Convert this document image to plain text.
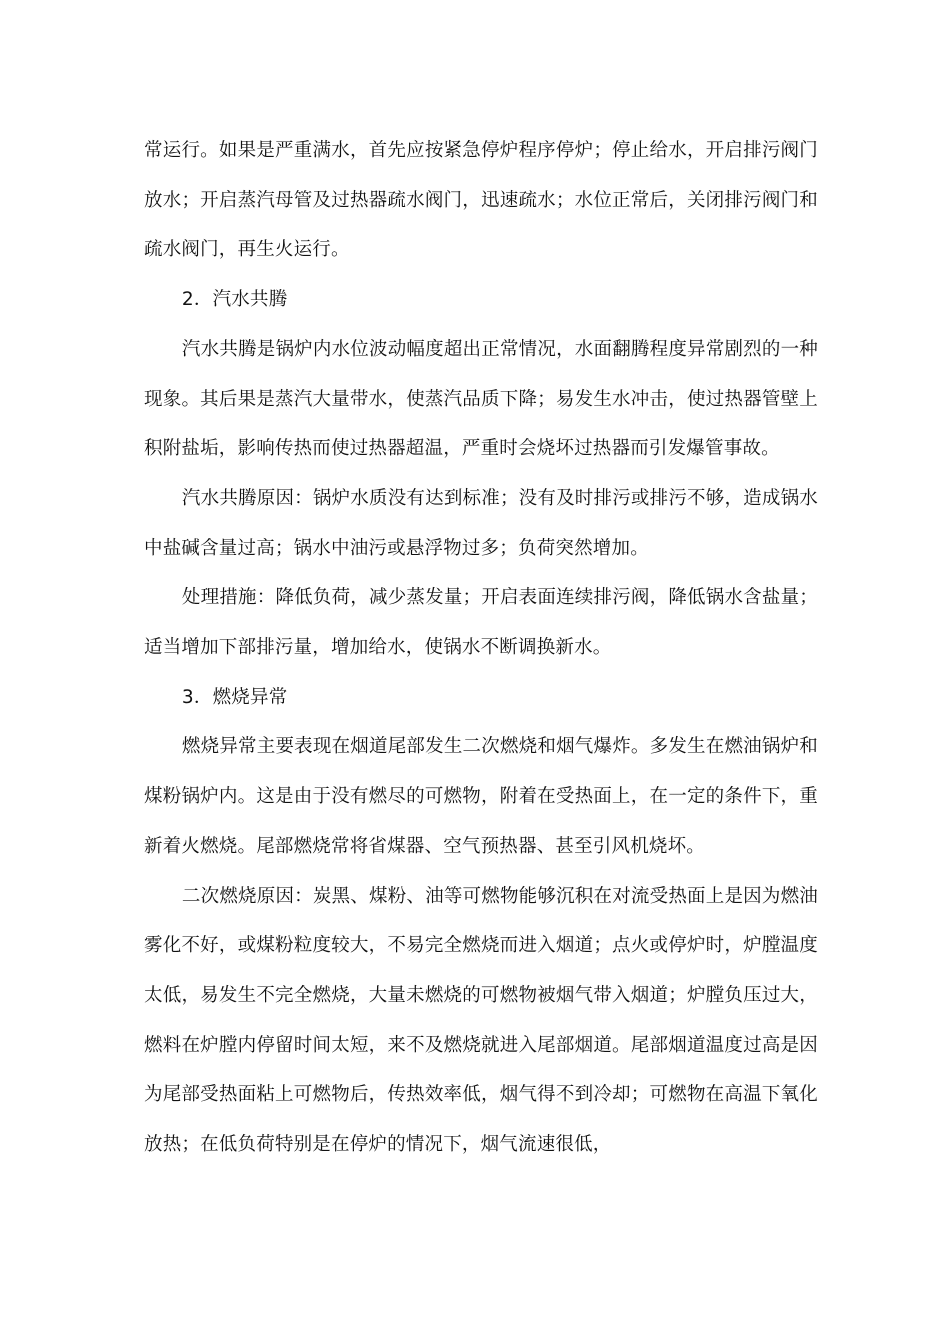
常运行。如果是严重满水，首先应按紧急停炉程序停炉；停止给水，开启排污阀门放水；开启蒸汽母管及过热器疏水阀门，迅速疏水；水位正常后，关闭排污阀门和疏水阀门，再生火运行。

2．汽水共腾

汽水共腾是锅炉内水位波动幅度超出正常情况，水面翻腾程度异常剧烈的一种现象。其后果是蒸汽大量带水，使蒸汽品质下降；易发生水冲击，使过热器管壁上积附盐垢，影响传热而使过热器超温，严重时会烧坏过热器而引发爆管事故。

汽水共腾原因：锅炉水质没有达到标准；没有及时排污或排污不够，造成锅水中盐碱含量过高；锅水中油污或悬浮物过多；负荷突然增加。

处理措施：降低负荷，减少蒸发量；开启表面连续排污阀，降低锅水含盐量；适当增加下部排污量，增加给水，使锅水不断调换新水。

3．燃烧异常

燃烧异常主要表现在烟道尾部发生二次燃烧和烟气爆炸。多发生在燃油锅炉和煤粉锅炉内。这是由于没有燃尽的可燃物，附着在受热面上，在一定的条件下，重新着火燃烧。尾部燃烧常将省煤器、空气预热器、甚至引风机烧坏。

二次燃烧原因：炭黑、煤粉、油等可燃物能够沉积在对流受热面上是因为燃油雾化不好，或煤粉粒度较大，不易完全燃烧而进入烟道；点火或停炉时，炉膛温度太低，易发生不完全燃烧，大量未燃烧的可燃物被烟气带入烟道；炉膛负压过大，燃料在炉膛内停留时间太短，来不及燃烧就进入尾部烟道。尾部烟道温度过高是因为尾部受热面粘上可燃物后，传热效率低，烟气得不到冷却；可燃物在高温下氧化放热；在低负荷特别是在停炉的情况下，烟气流速很低，
